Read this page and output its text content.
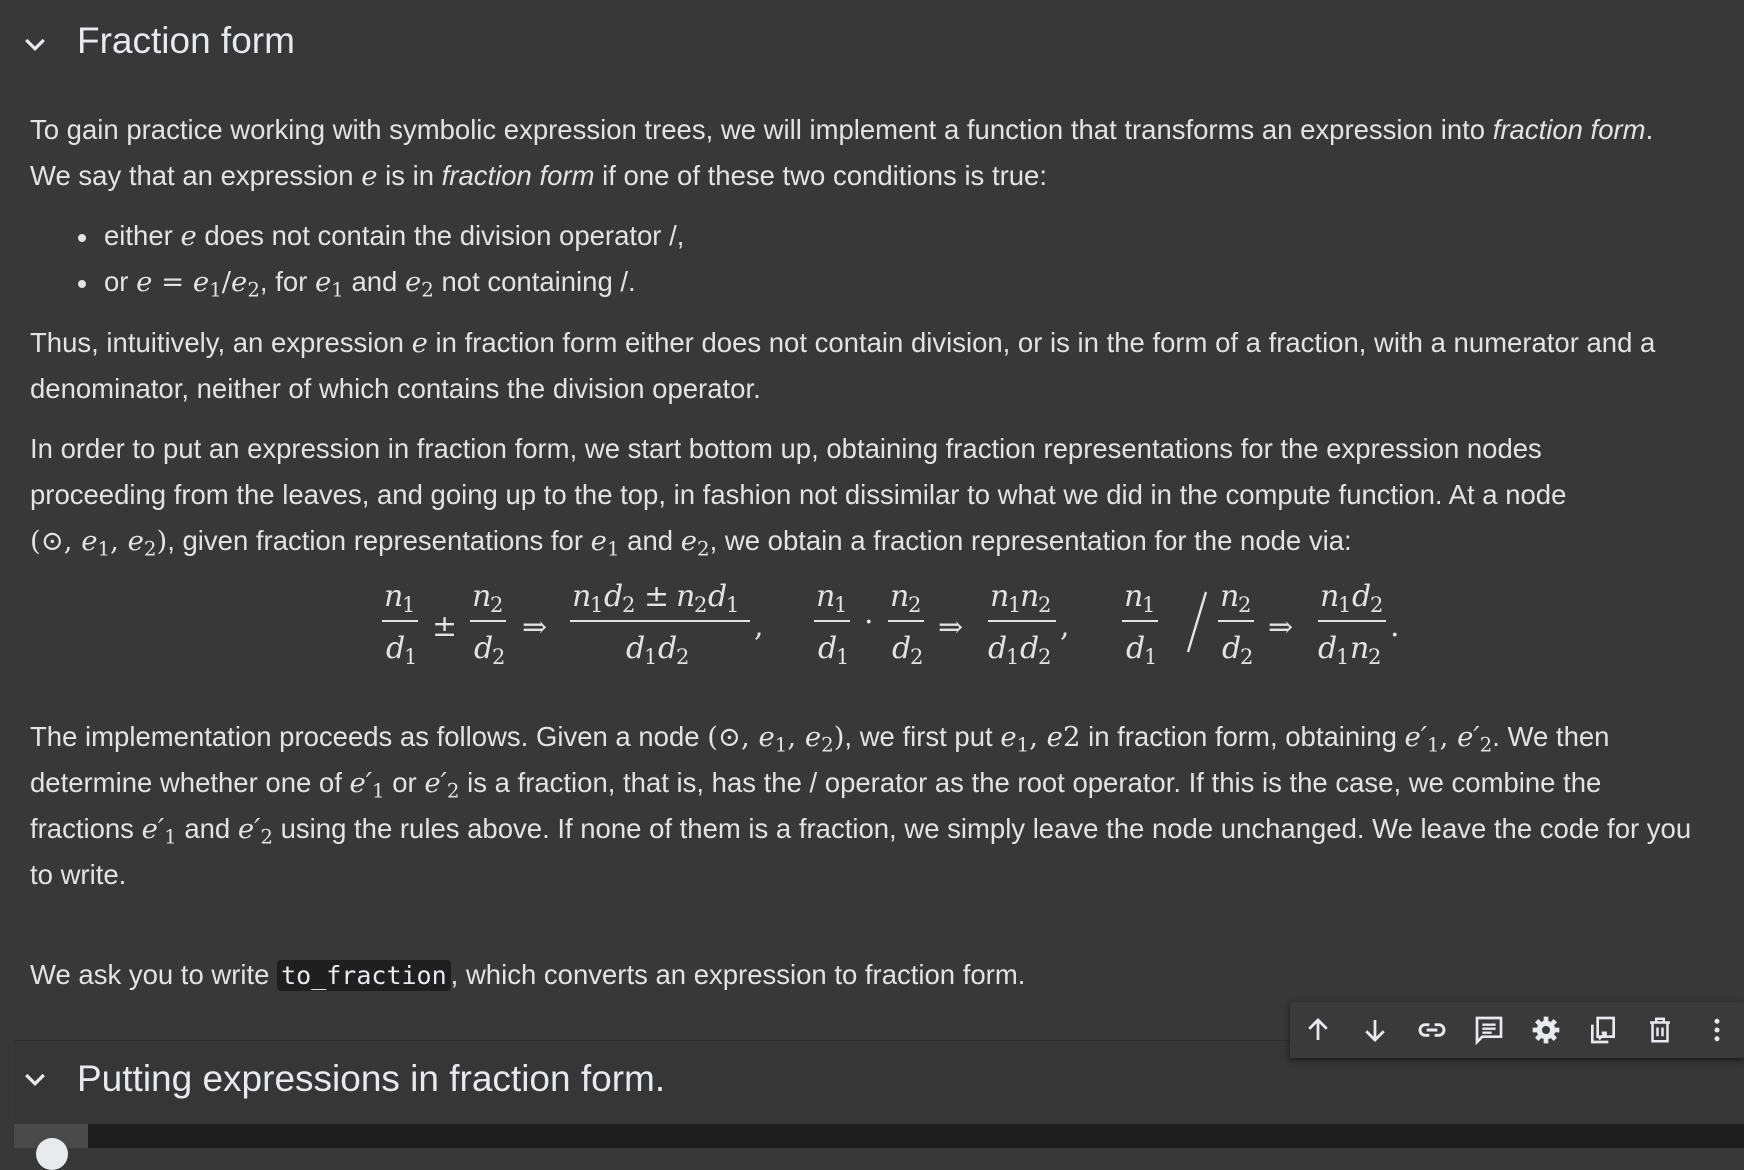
Fraction form
To gain practice working with symbolic expression trees, we will implement a function that transforms an expression into fraction form.
We say that an expression e is in fraction form if one of these two conditions is true:
either e does not contain the division operator /,
or $e = e_1/e_2$, for $e_1$ and $e_2$ not containing /.
Thus, intuitively, an expression e in fraction form either does not contain division, or is in the form of a fraction, with a numerator and a
denominator, neither of which contains the division operator.
In order to put an expression in fraction form, we start bottom up, obtaining fraction representations for the expression nodes
proceeding from the leaves, and going up to the top, in fashion not dissimilar to what we did in the compute function. At a node
(⊙, $e_1$, $e_2$), given fraction representations for $e_1$ and $e_2$, we obtain a fraction representation for the node via:
n
1
d
1
±
n
2
d
2
⇒
n
1 d
2 ± n
2 d
1
d
1 d
2
,
n
1
d
1
·
n
2
d
2
⇒
n
1
n
2
d
1 d
2
,
n
1
d
1
n
2
d
2
⇒
n
1 d
2
d
1 n
2
.
The implementation proceeds as follows. Given a node (⊙, $e_1$, $e_2$), we first put $e_1$, e2 in fraction form, obtaining $e'_1$, $e'_2$. We then
determine whether one of $e'_1$ or $e'_2$ is a fraction, that is, has the / operator as the root operator. If this is the case, we combine the
fractions $e'_1$ and $e'_2$ using the rules above. If none of them is a fraction, we simply leave the node unchanged. We leave the code for you
to write.
We ask you to write to_fraction , which converts an expression to fraction form.
Putting expressions in fraction form.
